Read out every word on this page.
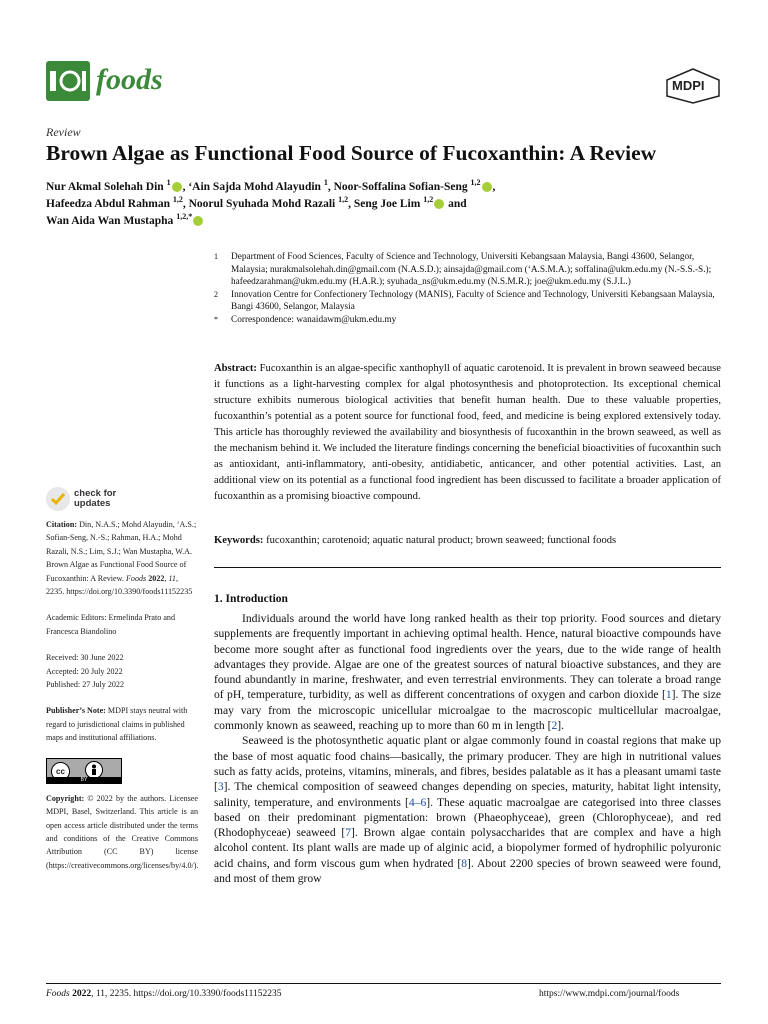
foods	MDPI
Review
Brown Algae as Functional Food Source of Fucoxanthin: A Review
Nur Akmal Solehah Din $^1$ , ‘Ain Sajda Mohd Alayudin $^1$, Noor-Soffalina Sofian-Seng $^{1,2}$ ,
Hafeedza Abdul Rahman $^{1,2}$, Noorul Syuhada Mohd Razali $^{1,2}$, Seng Joe Lim $^{1,2}$ and
Wan Aida Wan Mustapha $^{1,2,*}$
1 Department of Food Sciences, Faculty of Science and Technology, Universiti Kebangsaan Malaysia, Bangi 43600, Selangor, Malaysia; nurakmalsolehah.din@gmail.com (N.A.S.D.); ainsajda@gmail.com (‘A.S.M.A.); soffalina@ukm.edu.my (N.-S.S.-S.); hafeedzarahman@ukm.edu.my (H.A.R.); syuhada_ns@ukm.edu.my (N.S.M.R.); joe@ukm.edu.my (S.J.L.)
2 Innovation Centre for Confectionery Technology (MANIS), Faculty of Science and Technology, Universiti Kebangsaan Malaysia, Bangi 43600, Selangor, Malaysia
* Correspondence: wanaidawm@ukm.edu.my
Abstract: Fucoxanthin is an algae-specific xanthophyll of aquatic carotenoid. It is prevalent in brown seaweed because it functions as a light-harvesting complex for algal photosynthesis and photoprotection. Its exceptional chemical structure exhibits numerous biological activities that benefit human health. Due to these valuable properties, fucoxanthin’s potential as a potent source for functional food, feed, and medicine is being explored extensively today. This article has thoroughly reviewed the availability and biosynthesis of fucoxanthin in the brown seaweed, as well as the mechanism behind it. We included the literature findings concerning the beneficial bioactivities of fucoxanthin such as antioxidant, anti-inflammatory, anti-obesity, antidiabetic, anticancer, and other potential activities. Last, an additional view on its potential as a functional food ingredient has been discussed to facilitate a broader application of fucoxanthin as a promising bioactive compound.
Keywords: fucoxanthin; carotenoid; aquatic natural product; brown seaweed; functional foods
1. Introduction

Individuals around the world have long ranked health as their top priority. Food sources and dietary supplements are frequently important in achieving optimal health. Hence, natural bioactive compounds have become more sought after as functional food ingredients over the years, due to the wide range of health advantages they provide. Algae are one of the greatest sources of natural bioactive substances, and they are found abundantly in marine, freshwater, and even terrestrial environments. They can tolerate a broad range of pH, temperature, turbidity, as well as different concentrations of oxygen and carbon dioxide [1]. The size may vary from the microscopic unicellular microalgae to the macroscopic multicellular macroalgae, commonly known as seaweed, reaching up to more than 60 m in length [2].

Seaweed is the photosynthetic aquatic plant or algae commonly found in coastal regions that make up the base of most aquatic food chains—basically, the primary producer. They are high in nutritional values such as fatty acids, proteins, vitamins, minerals, and fibres, besides palatable as it has a pleasant umami taste [3]. The chemical composition of seaweed changes depending on species, maturity, habitat light intensity, salinity, temperature, and environments [4–6]. These aquatic macroalgae are categorised into three classes based on their predominant pigmentation: brown (Phaeophyceae), green (Chlorophyceae), and red (Rhodophyceae) seaweed [7]. Brown algae contain polysaccharides that are complex and have a high alcohol content. Its plant walls are made up of alginic acid, a biopolymer formed of hydrophilic polyuronic acid chains, and form viscous gum when hydrated [8]. About 2200 species of brown seaweed were found, and most of them grow

check for
updates
Citation: Din, N.A.S.; Mohd Alayudin, ‘A.S.; Sofian-Seng, N.-S.; Rahman, H.A.; Mohd Razali, N.S.; Lim, S.J.; Wan Mustapha, W.A. Brown Algae as Functional Food Source of Fucoxanthin: A Review. Foods 2022, 11, 2235. https://doi.org/10.3390/foods11152235
Academic Editors: Ermelinda Prato and Francesca Biandolino
Received: 30 June 2022
Accepted: 20 July 2022
Published: 27 July 2022
Publisher’s Note: MDPI stays neutral with regard to jurisdictional claims in published maps and institutional affiliations.
cc
BY
Copyright: © 2022 by the authors. Licensee MDPI, Basel, Switzerland. This article is an open access article distributed under the terms and conditions of the Creative Commons Attribution (CC BY) license (https://creativecommons.org/licenses/by/4.0/).
Foods 2022, 11, 2235. https://doi.org/10.3390/foods11152235	https://www.mdpi.com/journal/foods
